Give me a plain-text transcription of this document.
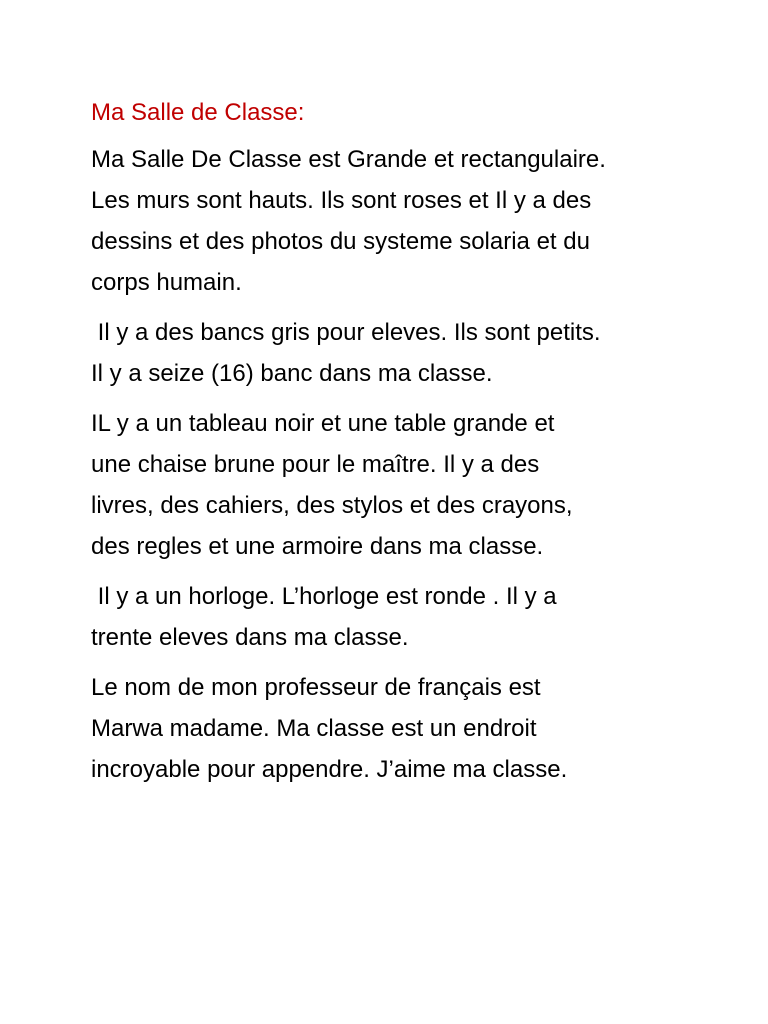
Ma Salle de Classe:

Ma Salle De Classe est Grande et rectangulaire.
Les murs sont hauts. Ils sont roses et Il y a des
dessins et des photos du systeme solaria et du
corps humain.

Il y a des bancs gris pour eleves. Ils sont petits.
Il y a seize (16) banc dans ma classe.

IL y a un tableau noir et une table grande et
une chaise brune pour le maître. Il y a des
livres, des cahiers, des stylos et des crayons,
des regles et une armoire dans ma classe.

Il y a un horloge. L’horloge est ronde . Il y a
trente eleves dans ma classe.

Le nom de mon professeur de français est
Marwa madame. Ma classe est un endroit
incroyable pour appendre. J’aime ma classe.
